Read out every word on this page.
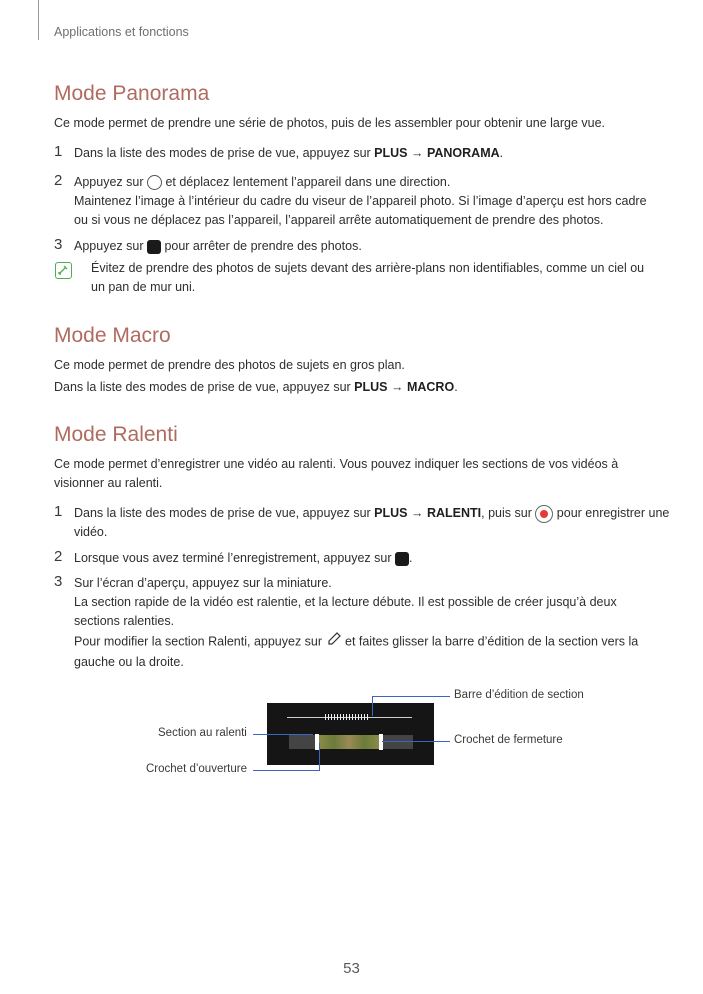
Applications et fonctions
Mode Panorama
Ce mode permet de prendre une série de photos, puis de les assembler pour obtenir une large vue.
1 Dans la liste des modes de prise de vue, appuyez sur PLUS → PANORAMA.
2 Appuyez sur  et déplacez lentement l’appareil dans une direction.
Maintenez l’image à l’intérieur du cadre du viseur de l’appareil photo. Si l’image d’aperçu est hors cadre
ou si vous ne déplacez pas l’appareil, l’appareil arrête automatiquement de prendre des photos.
3 Appuyez sur  pour arrêter de prendre des photos.
Évitez de prendre des photos de sujets devant des arrière-plans non identifiables, comme un ciel ou
un pan de mur uni.
Mode Macro
Ce mode permet de prendre des photos de sujets en gros plan.
Dans la liste des modes de prise de vue, appuyez sur PLUS → MACRO.
Mode Ralenti
Ce mode permet d’enregistrer une vidéo au ralenti. Vous pouvez indiquer les sections de vos vidéos à
visionner au ralenti.
1 Dans la liste des modes de prise de vue, appuyez sur PLUS → RALENTI, puis sur  pour enregistrer une
vidéo.
2 Lorsque vous avez terminé l’enregistrement, appuyez sur .
3 Sur l’écran d’aperçu, appuyez sur la miniature.
La section rapide de la vidéo est ralentie, et la lecture débute. Il est possible de créer jusqu’à deux
sections ralenties.
Pour modifier la section Ralenti, appuyez sur  et faites glisser la barre d’édition de la section vers la
gauche ou la droite.
Barre d’édition de section
Section au ralenti
Crochet de fermeture
Crochet d’ouverture
53
